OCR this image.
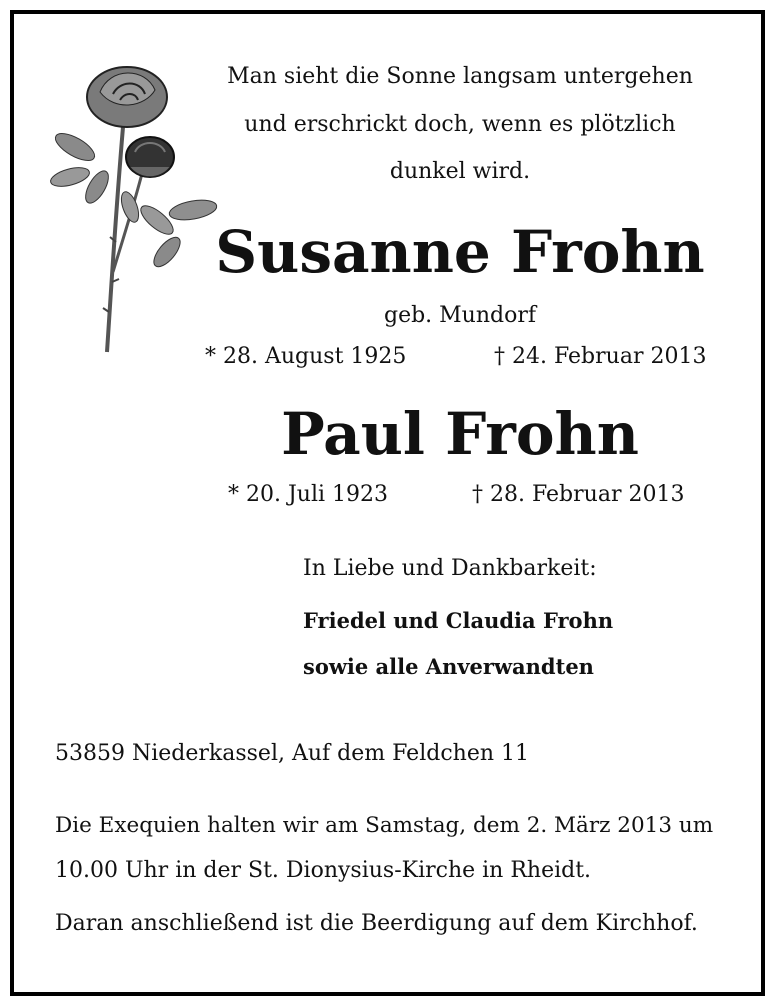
Man sieht die Sonne langsam untergehen
und erschrickt doch, wenn es plötzlich
dunkel wird.
Susanne Frohn
geb. Mundorf
* 28. August 1925	† 24. Februar 2013
Paul Frohn
* 20. Juli 1923	† 28. Februar 2013
In Liebe und Dankbarkeit:
Friedel und Claudia Frohn
sowie alle Anverwandten
53859 Niederkassel, Auf dem Feldchen 11
Die Exequien halten wir am Samstag, dem 2. März 2013 um
10.00 Uhr in der St. Dionysius-Kirche in Rheidt.
Daran anschließend ist die Beerdigung auf dem Kirchhof.
